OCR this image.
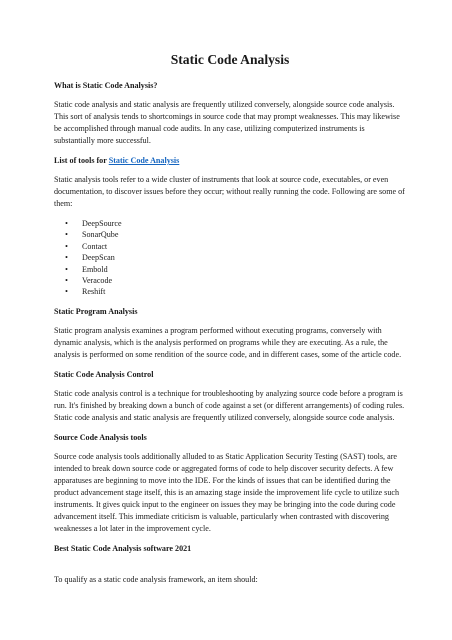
Static Code Analysis
What is Static Code Analysis?

Static code analysis and static analysis are frequently utilized conversely, alongside source code analysis. This sort of analysis tends to shortcomings in source code that may prompt weaknesses. This may likewise be accomplished through manual code audits. In any case, utilizing computerized instruments is substantially more successful.

List of tools for Static Code Analysis

Static analysis tools refer to a wide cluster of instruments that look at source code, executables, or even documentation, to discover issues before they occur; without really running the code. Following are some of them:

• DeepSource
• SonarQube
• Contact
• DeepScan
• Embold
• Veracode
• Reshift
Static Program Analysis

Static program analysis examines a program performed without executing programs, conversely with dynamic analysis, which is the analysis performed on programs while they are executing. As a rule, the analysis is performed on some rendition of the source code, and in different cases, some of the article code.

Static Code Analysis Control

Static code analysis control is a technique for troubleshooting by analyzing source code before a program is run. It's finished by breaking down a bunch of code against a set (or different arrangements) of coding rules. Static code analysis and static analysis are frequently utilized conversely, alongside source code analysis.

Source Code Analysis tools

Source code analysis tools additionally alluded to as Static Application Security Testing (SAST) tools, are intended to break down source code or aggregated forms of code to help discover security defects. A few apparatuses are beginning to move into the IDE. For the kinds of issues that can be identified during the product advancement stage itself, this is an amazing stage inside the improvement life cycle to utilize such instruments. It gives quick input to the engineer on issues they may be bringing into the code during code advancement itself. This immediate criticism is valuable, particularly when contrasted with discovering weaknesses a lot later in the improvement cycle.

Best Static Code Analysis software 2021

To qualify as a static code analysis framework, an item should:
